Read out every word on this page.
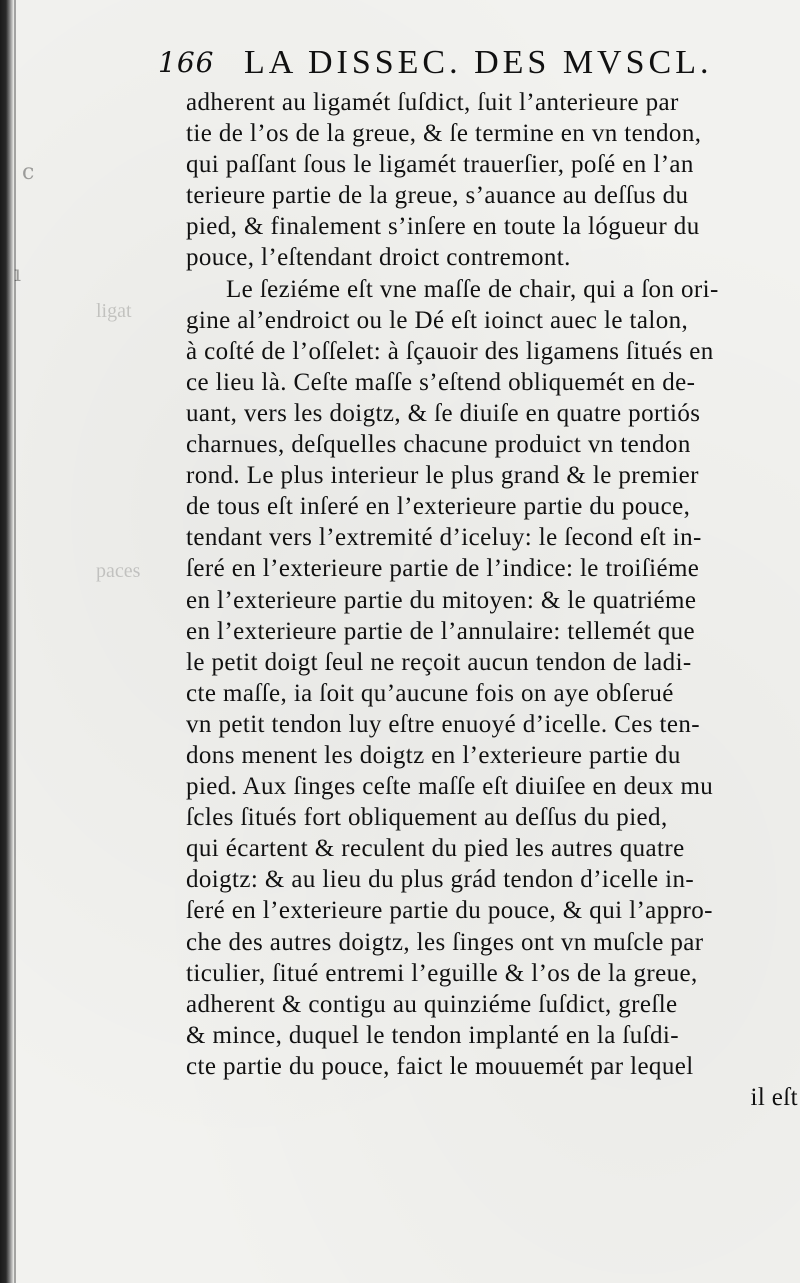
c
ı
ligat
paces
166 LA DISSEC. DES MVSCL.
adherent au ligamét ſuſdict, ſuit l’anterieure par
tie de l’os de la greue, & ſe termine en vn tendon,
qui paſſant ſous le ligamét trauerſier, poſé en l’an
terieure partie de la greue, s’auance au deſſus du
pied, & finalement s’inſere en toute la lógueur du
pouce, l’eſtendant droict contremont.
Le ſeziéme eſt vne maſſe de chair, qui a ſon ori-
gine al’endroict ou le Dé eſt ioinct auec le talon,
à coſté de l’oſſelet: à ſçauoir des ligamens ſitués en
ce lieu là. Ceſte maſſe s’eſtend obliquemét en de-
uant, vers les doigtz, & ſe diuiſe en quatre portiós
charnues, deſquelles chacune produict vn tendon
rond. Le plus interieur le plus grand & le premier
de tous eſt inſeré en l’exterieure partie du pouce,
tendant vers l’extremité d’iceluy: le ſecond eſt in-
ſeré en l’exterieure partie de l’indice: le troiſiéme
en l’exterieure partie du mitoyen: & le quatriéme
en l’exterieure partie de l’annulaire: tellemét que
le petit doigt ſeul ne reçoit aucun tendon de ladi-
cte maſſe, ia ſoit qu’aucune fois on aye obſerué
vn petit tendon luy eſtre enuoyé d’icelle. Ces ten-
dons menent les doigtz en l’exterieure partie du
pied. Aux ſinges ceſte maſſe eſt diuiſee en deux mu
ſcles ſitués fort obliquement au deſſus du pied,
qui écartent & reculent du pied les autres quatre
doigtz: & au lieu du plus grád tendon d’icelle in-
ſeré en l’exterieure partie du pouce, & qui l’appro-
che des autres doigtz, les ſinges ont vn muſcle par
ticulier, ſitué entremi l’eguille & l’os de la greue,
adherent & contigu au quinziéme ſuſdict, greſle
& mince, duquel le tendon implanté en la ſuſdi-
cte partie du pouce, faict le mouuemét par lequel
il eſt
